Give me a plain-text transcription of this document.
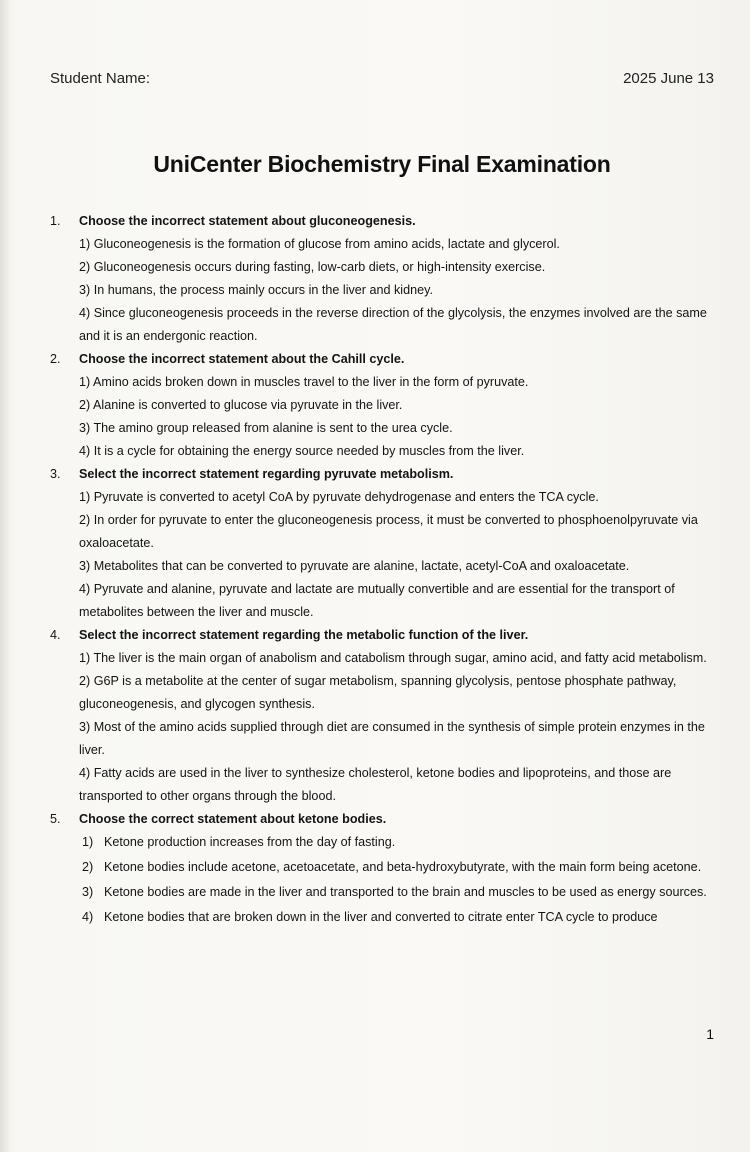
Student Name:	2025 June 13
UniCenter Biochemistry Final Examination
1.	Choose the incorrect statement about gluconeogenesis.

1) Gluconeogenesis is the formation of glucose from amino acids, lactate and glycerol.

2) Gluconeogenesis occurs during fasting, low-carb diets, or high-intensity exercise.

3) In humans, the process mainly occurs in the liver and kidney.

4) Since gluconeogenesis proceeds in the reverse direction of the glycolysis, the enzymes involved are the same and it is an endergonic reaction.

2.	Choose the incorrect statement about the Cahill cycle.

1) Amino acids broken down in muscles travel to the liver in the form of pyruvate.

2) Alanine is converted to glucose via pyruvate in the liver.

3) The amino group released from alanine is sent to the urea cycle.

4) It is a cycle for obtaining the energy source needed by muscles from the liver.

3.	Select the incorrect statement regarding pyruvate metabolism.

1) Pyruvate is converted to acetyl CoA by pyruvate dehydrogenase and enters the TCA cycle.

2) In order for pyruvate to enter the gluconeogenesis process, it must be converted to phosphoenolpyruvate via oxaloacetate.

3) Metabolites that can be converted to pyruvate are alanine, lactate, acetyl-CoA and oxaloacetate.

4) Pyruvate and alanine, pyruvate and lactate are mutually convertible and are essential for the transport of metabolites between the liver and muscle.

4.	Select the incorrect statement regarding the metabolic function of the liver.

1) The liver is the main organ of anabolism and catabolism through sugar, amino acid, and fatty acid metabolism.

2) G6P is a metabolite at the center of sugar metabolism, spanning glycolysis, pentose phosphate pathway, gluconeogenesis, and glycogen synthesis.

3) Most of the amino acids supplied through diet are consumed in the synthesis of simple protein enzymes in the liver.

4) Fatty acids are used in the liver to synthesize cholesterol, ketone bodies and lipoproteins, and those are transported to other organs through the blood.

5.	Choose the correct statement about ketone bodies.
1) Ketone production increases from the day of fasting.
2) Ketone bodies include acetone, acetoacetate, and beta-hydroxybutyrate, with the main form being acetone.
3) Ketone bodies are made in the liver and transported to the brain and muscles to be used as energy sources.
4) Ketone bodies that are broken down in the liver and converted to citrate enter TCA cycle to produce
1
